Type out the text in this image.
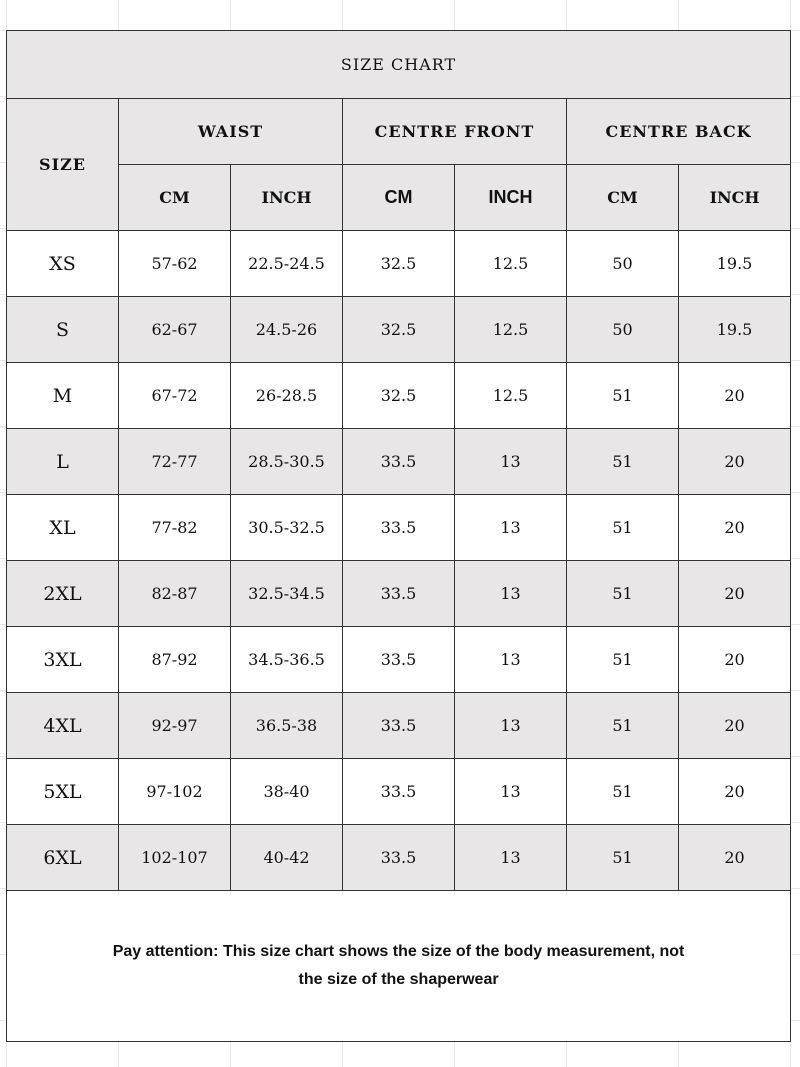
SIZE CHART						
SIZE	WAIST		CENTRE FRONT		CENTRE BACK	
	CM	INCH	CM	INCH	CM	INCH
XS	57-62	22.5-24.5	32.5	12.5	50	19.5
S	62-67	24.5-26	32.5	12.5	50	19.5
M	67-72	26-28.5	32.5	12.5	51	20
L	72-77	28.5-30.5	33.5	13	51	20
XL	77-82	30.5-32.5	33.5	13	51	20
2XL	82-87	32.5-34.5	33.5	13	51	20
3XL	87-92	34.5-36.5	33.5	13	51	20
4XL	92-97	36.5-38	33.5	13	51	20
5XL	97-102	38-40	33.5	13	51	20
6XL	102-107	40-42	33.5	13	51	20

Pay attention: This size chart shows the size of the body measurement, not
the size of the shaperwear						
